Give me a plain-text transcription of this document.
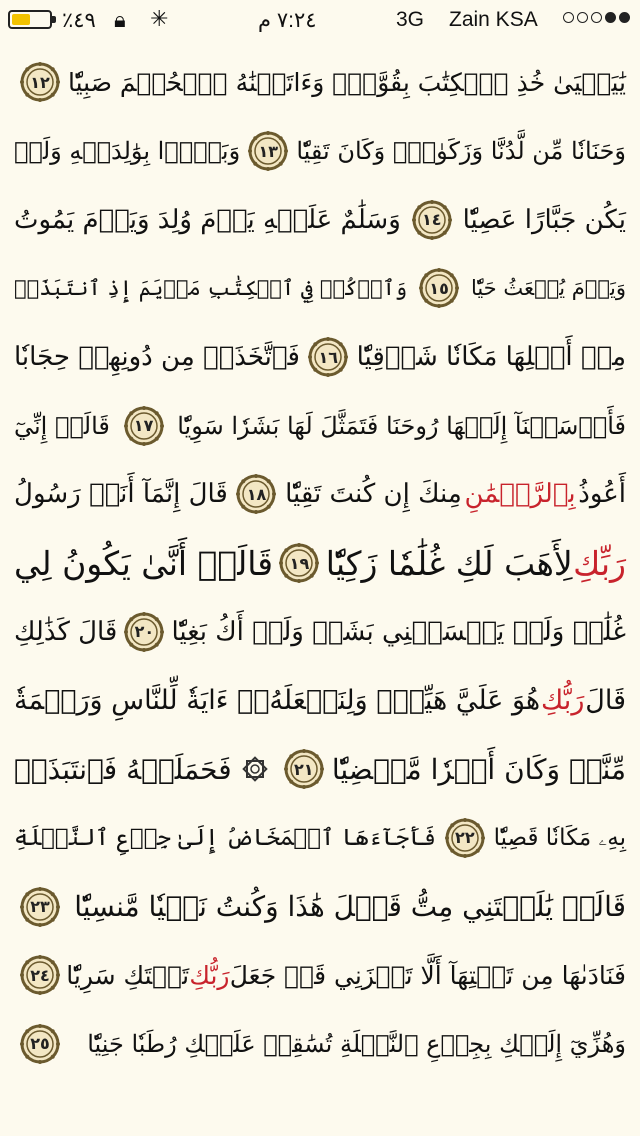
٪٤٩ 🔒︎ ✳︎	٧:٢٤ م	3G Zain KSA
يَٰيَحۡيَىٰ خُذِ ٱلۡكِتَٰبَ بِقُوَّةٖۖ وَءَاتَيۡنَٰهُ ٱلۡحُكۡمَ صَبِيّٗا
١٢
وَحَنَانٗا مِّن لَّدُنَّا وَزَكَوٰةٗۖ وَكَانَ تَقِيّٗا
١٣
وَبَرَّۢا بِوَٰلِدَيۡهِ وَلَمۡ
يَكُن جَبَّارًا عَصِيّٗا
١٤
وَسَلَٰمٌ عَلَيۡهِ يَوۡمَ وُلِدَ وَيَوۡمَ يَمُوتُ
وَيَوۡمَ يُبۡعَثُ حَيّٗا
١٥
وَٱذۡكُرۡ فِي ٱلۡكِتَٰبِ مَرۡيَمَ إِذِ ٱنتَبَذَتۡ
مِنۡ أَهۡلِهَا مَكَانٗا شَرۡقِيّٗا
١٦
فَٱتَّخَذَتۡ مِن دُونِهِمۡ حِجَابٗا
فَأَرۡسَلۡنَآ إِلَيۡهَا رُوحَنَا فَتَمَثَّلَ لَهَا بَشَرٗا سَوِيّٗا
١٧
قَالَتۡ إِنِّيٓ
أَعُوذُ
بِٱلرَّحۡمَٰنِ
مِنكَ إِن كُنتَ تَقِيّٗا
١٨
قَالَ إِنَّمَآ أَنَا۠ رَسُولُ
رَبِّكِ
لِأَهَبَ لَكِ غُلَٰمٗا زَكِيّٗا
١٩
قَالَتۡ أَنَّىٰ يَكُونُ لِي
غُلَٰمٞ وَلَمۡ يَمۡسَسۡنِي بَشَرٞ وَلَمۡ أَكُ بَغِيّٗا
٢٠
قَالَ كَذَٰلِكِ
قَالَ
رَبُّكِ
هُوَ عَلَيَّ هَيِّنٞۖ وَلِنَجۡعَلَهُۥٓ ءَايَةٗ لِّلنَّاسِ وَرَحۡمَةٗ
مِّنَّاۚ وَكَانَ أَمۡرٗا مَّقۡضِيّٗا
٢١
فَحَمَلَتۡهُ فَٱنتَبَذَتۡ
بِهِۦ مَكَانٗا قَصِيّٗا
٢٢
فَأَجَآءَهَا ٱلۡمَخَاضُ إِلَىٰ جِذۡعِ ٱلنَّخۡلَةِ
قَالَتۡ يَٰلَيۡتَنِي مِتُّ قَبۡلَ هَٰذَا وَكُنتُ نَسۡيٗا مَّنسِيّٗا
٢٣
فَنَادَىٰهَا مِن تَحۡتِهَآ أَلَّا تَحۡزَنِي قَدۡ جَعَلَ
رَبُّكِ
تَحۡتَكِ سَرِيّٗا
٢٤
وَهُزِّيٓ إِلَيۡكِ بِجِذۡعِ ٱلنَّخۡلَةِ تُسَٰقِطۡ عَلَيۡكِ رُطَبٗا جَنِيّٗا
٢٥
